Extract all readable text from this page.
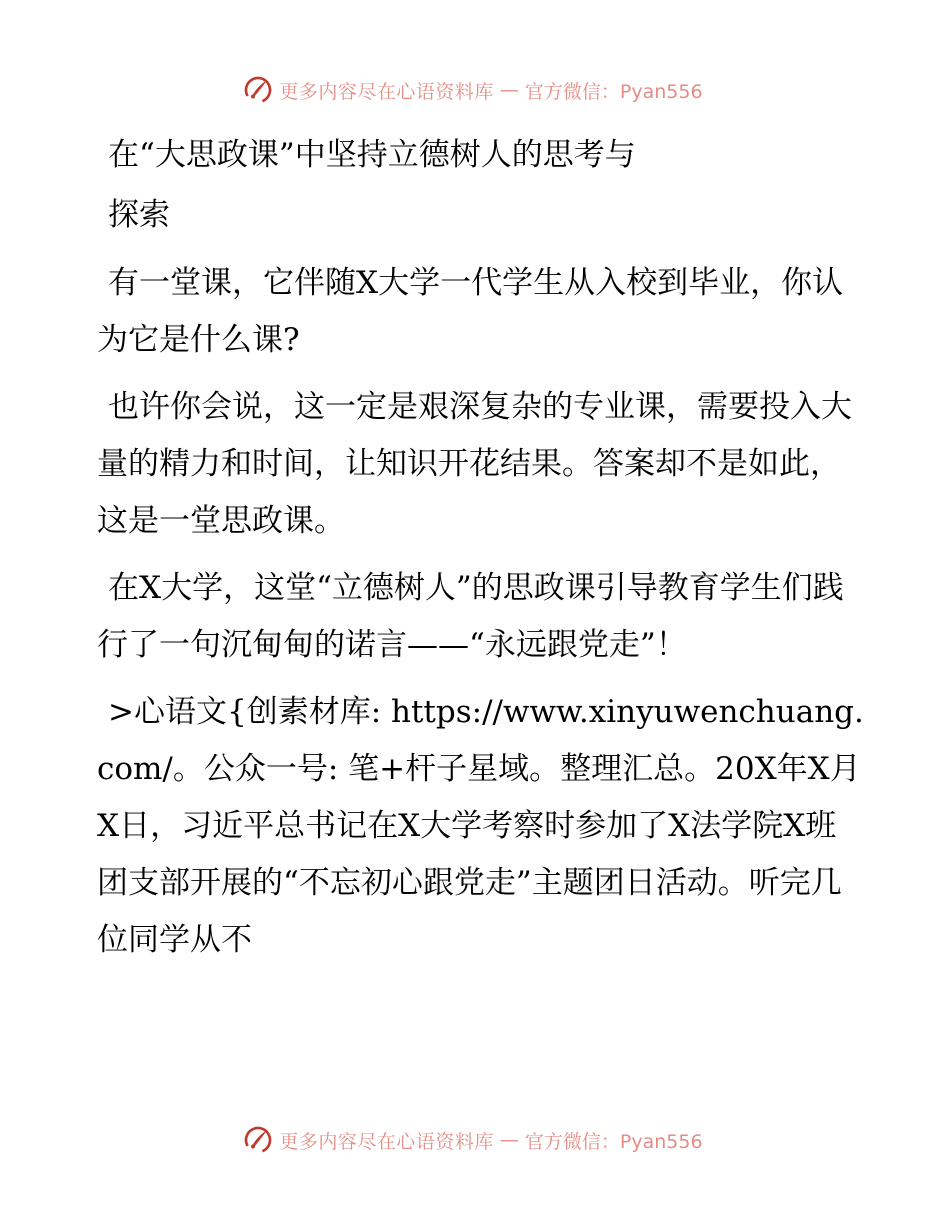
更多内容尽在心语资料库 — 官方微信：Pyan556
在“大思政课”中坚持立德树人的思考与
探索

有一堂课，它伴随X大学一代学生从入校到毕业，你认为它是什么课?

也许你会说，这一定是艰深复杂的专业课，需要投入大量的精力和时间，让知识开花结果。答案却不是如此，这是一堂思政课。

在X大学，这堂“立德树人”的思政课引导教育学生们践行了一句沉甸甸的诺言——“永远跟党走”！

>心语文{创素材库: https://www.xinyuwenchuang.com/。公众一号: 笔+杆子星域。整理汇总。20X年X月X日，习近平总书记在X大学考察时参加了X法学院X班团支部开展的“不忘初心跟党走”主题团日活动。听完几位同学从不

更多内容尽在心语资料库 — 官方微信：Pyan556
